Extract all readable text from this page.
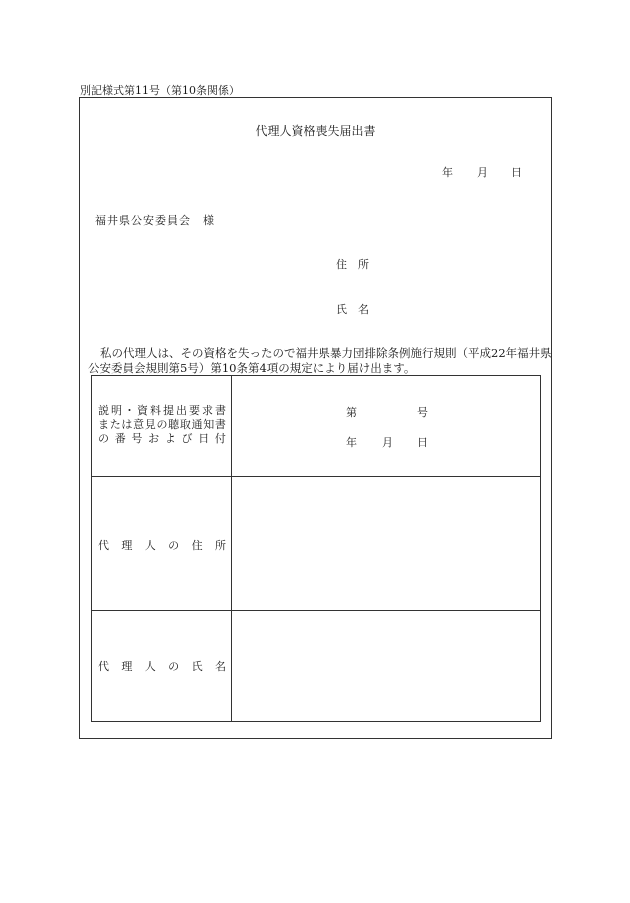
別記様式第11号（第10条関係）
代理人資格喪失届出書
年 月 日
福井県公安委員会　様
住　所
氏　名
私の代理人は、その資格を失ったので福井県暴力団排除条例施行規則（平成22年福井県公安委員会規則第5号）第10条第4項の規定により届け出ます。
説 明 ・ 資 料 提 出 要 求 書
ま た は 意 見 の 聴 取 通 知 書
の 番 号 お よ び 日 付
第	号
年 月 日
代 理 人 の 住 所
代 理 人 の 氏 名
